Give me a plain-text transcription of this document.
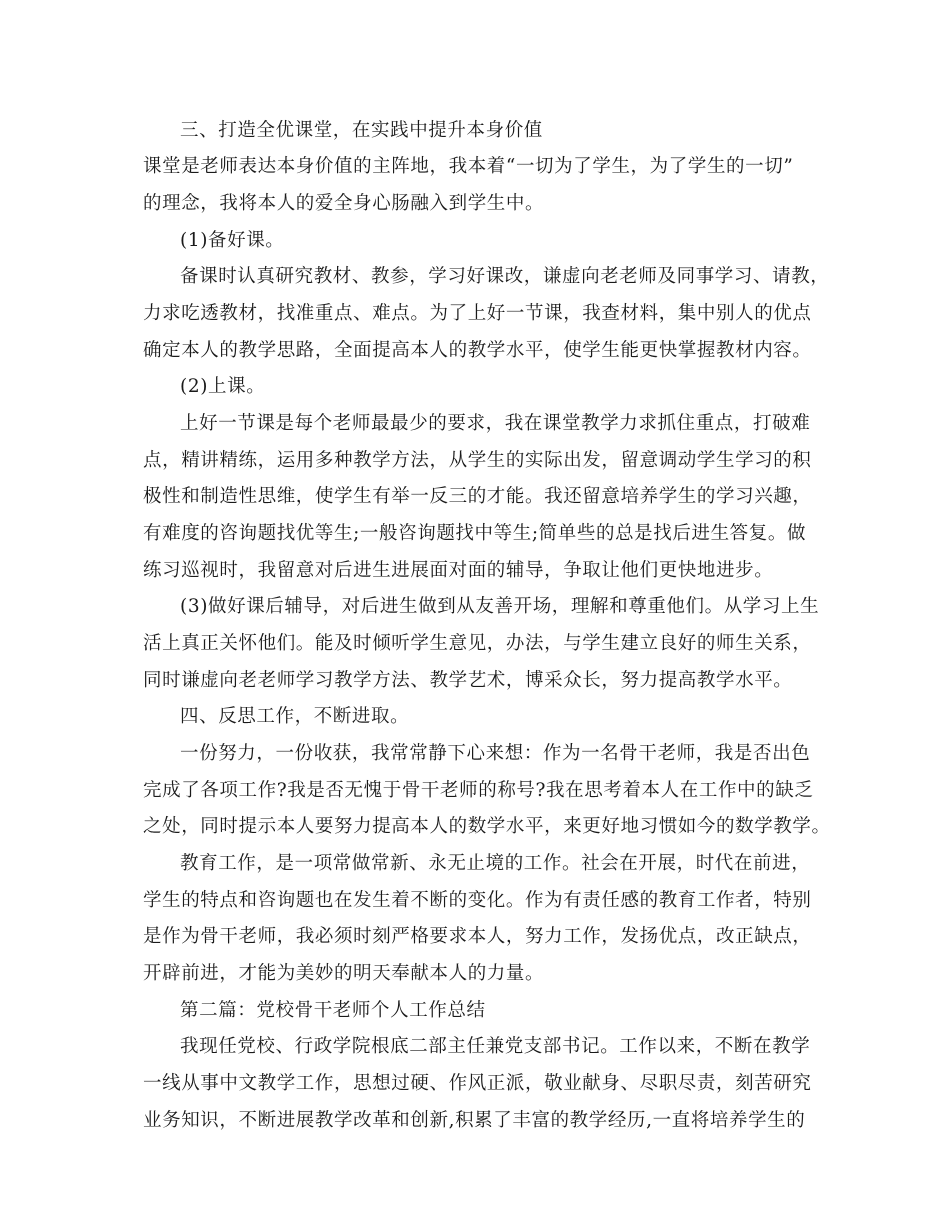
三、打造全优课堂，在实践中提升本身价值
课堂是老师表达本身价值的主阵地，我本着“一切为了学生，为了学生的一切”
的理念，我将本人的爱全身心肠融入到学生中。
(1)备好课。
备课时认真研究教材、教参，学习好课改，谦虚向老老师及同事学习、请教，
力求吃透教材，找准重点、难点。为了上好一节课，我查材料，集中别人的优点
确定本人的教学思路，全面提高本人的教学水平，使学生能更快掌握教材内容。
(2)上课。
上好一节课是每个老师最最少的要求，我在课堂教学力求抓住重点，打破难
点，精讲精练，运用多种教学方法，从学生的实际出发，留意调动学生学习的积
极性和制造性思维，使学生有举一反三的才能。我还留意培养学生的学习兴趣，
有难度的咨询题找优等生;一般咨询题找中等生;简单些的总是找后进生答复。做
练习巡视时，我留意对后进生进展面对面的辅导，争取让他们更快地进步。
(3)做好课后辅导，对后进生做到从友善开场，理解和尊重他们。从学习上生
活上真正关怀他们。能及时倾听学生意见，办法，与学生建立良好的师生关系，
同时谦虚向老老师学习教学方法、教学艺术，博采众长，努力提高教学水平。
四、反思工作，不断进取。
一份努力，一份收获，我常常静下心来想：作为一名骨干老师，我是否出色
完成了各项工作?我是否无愧于骨干老师的称号?我在思考着本人在工作中的缺乏
之处，同时提示本人要努力提高本人的数学水平，来更好地习惯如今的数学教学。
教育工作，是一项常做常新、永无止境的工作。社会在开展，时代在前进，
学生的特点和咨询题也在发生着不断的变化。作为有责任感的教育工作者，特别
是作为骨干老师，我必须时刻严格要求本人，努力工作，发扬优点，改正缺点，
开辟前进，才能为美妙的明天奉献本人的力量。
第二篇：党校骨干老师个人工作总结
我现任党校、行政学院根底二部主任兼党支部书记。工作以来，不断在教学
一线从事中文教学工作，思想过硬、作风正派，敬业献身、尽职尽责，刻苦研究
业务知识，不断进展教学改革和创新,积累了丰富的教学经历,一直将培养学生的
